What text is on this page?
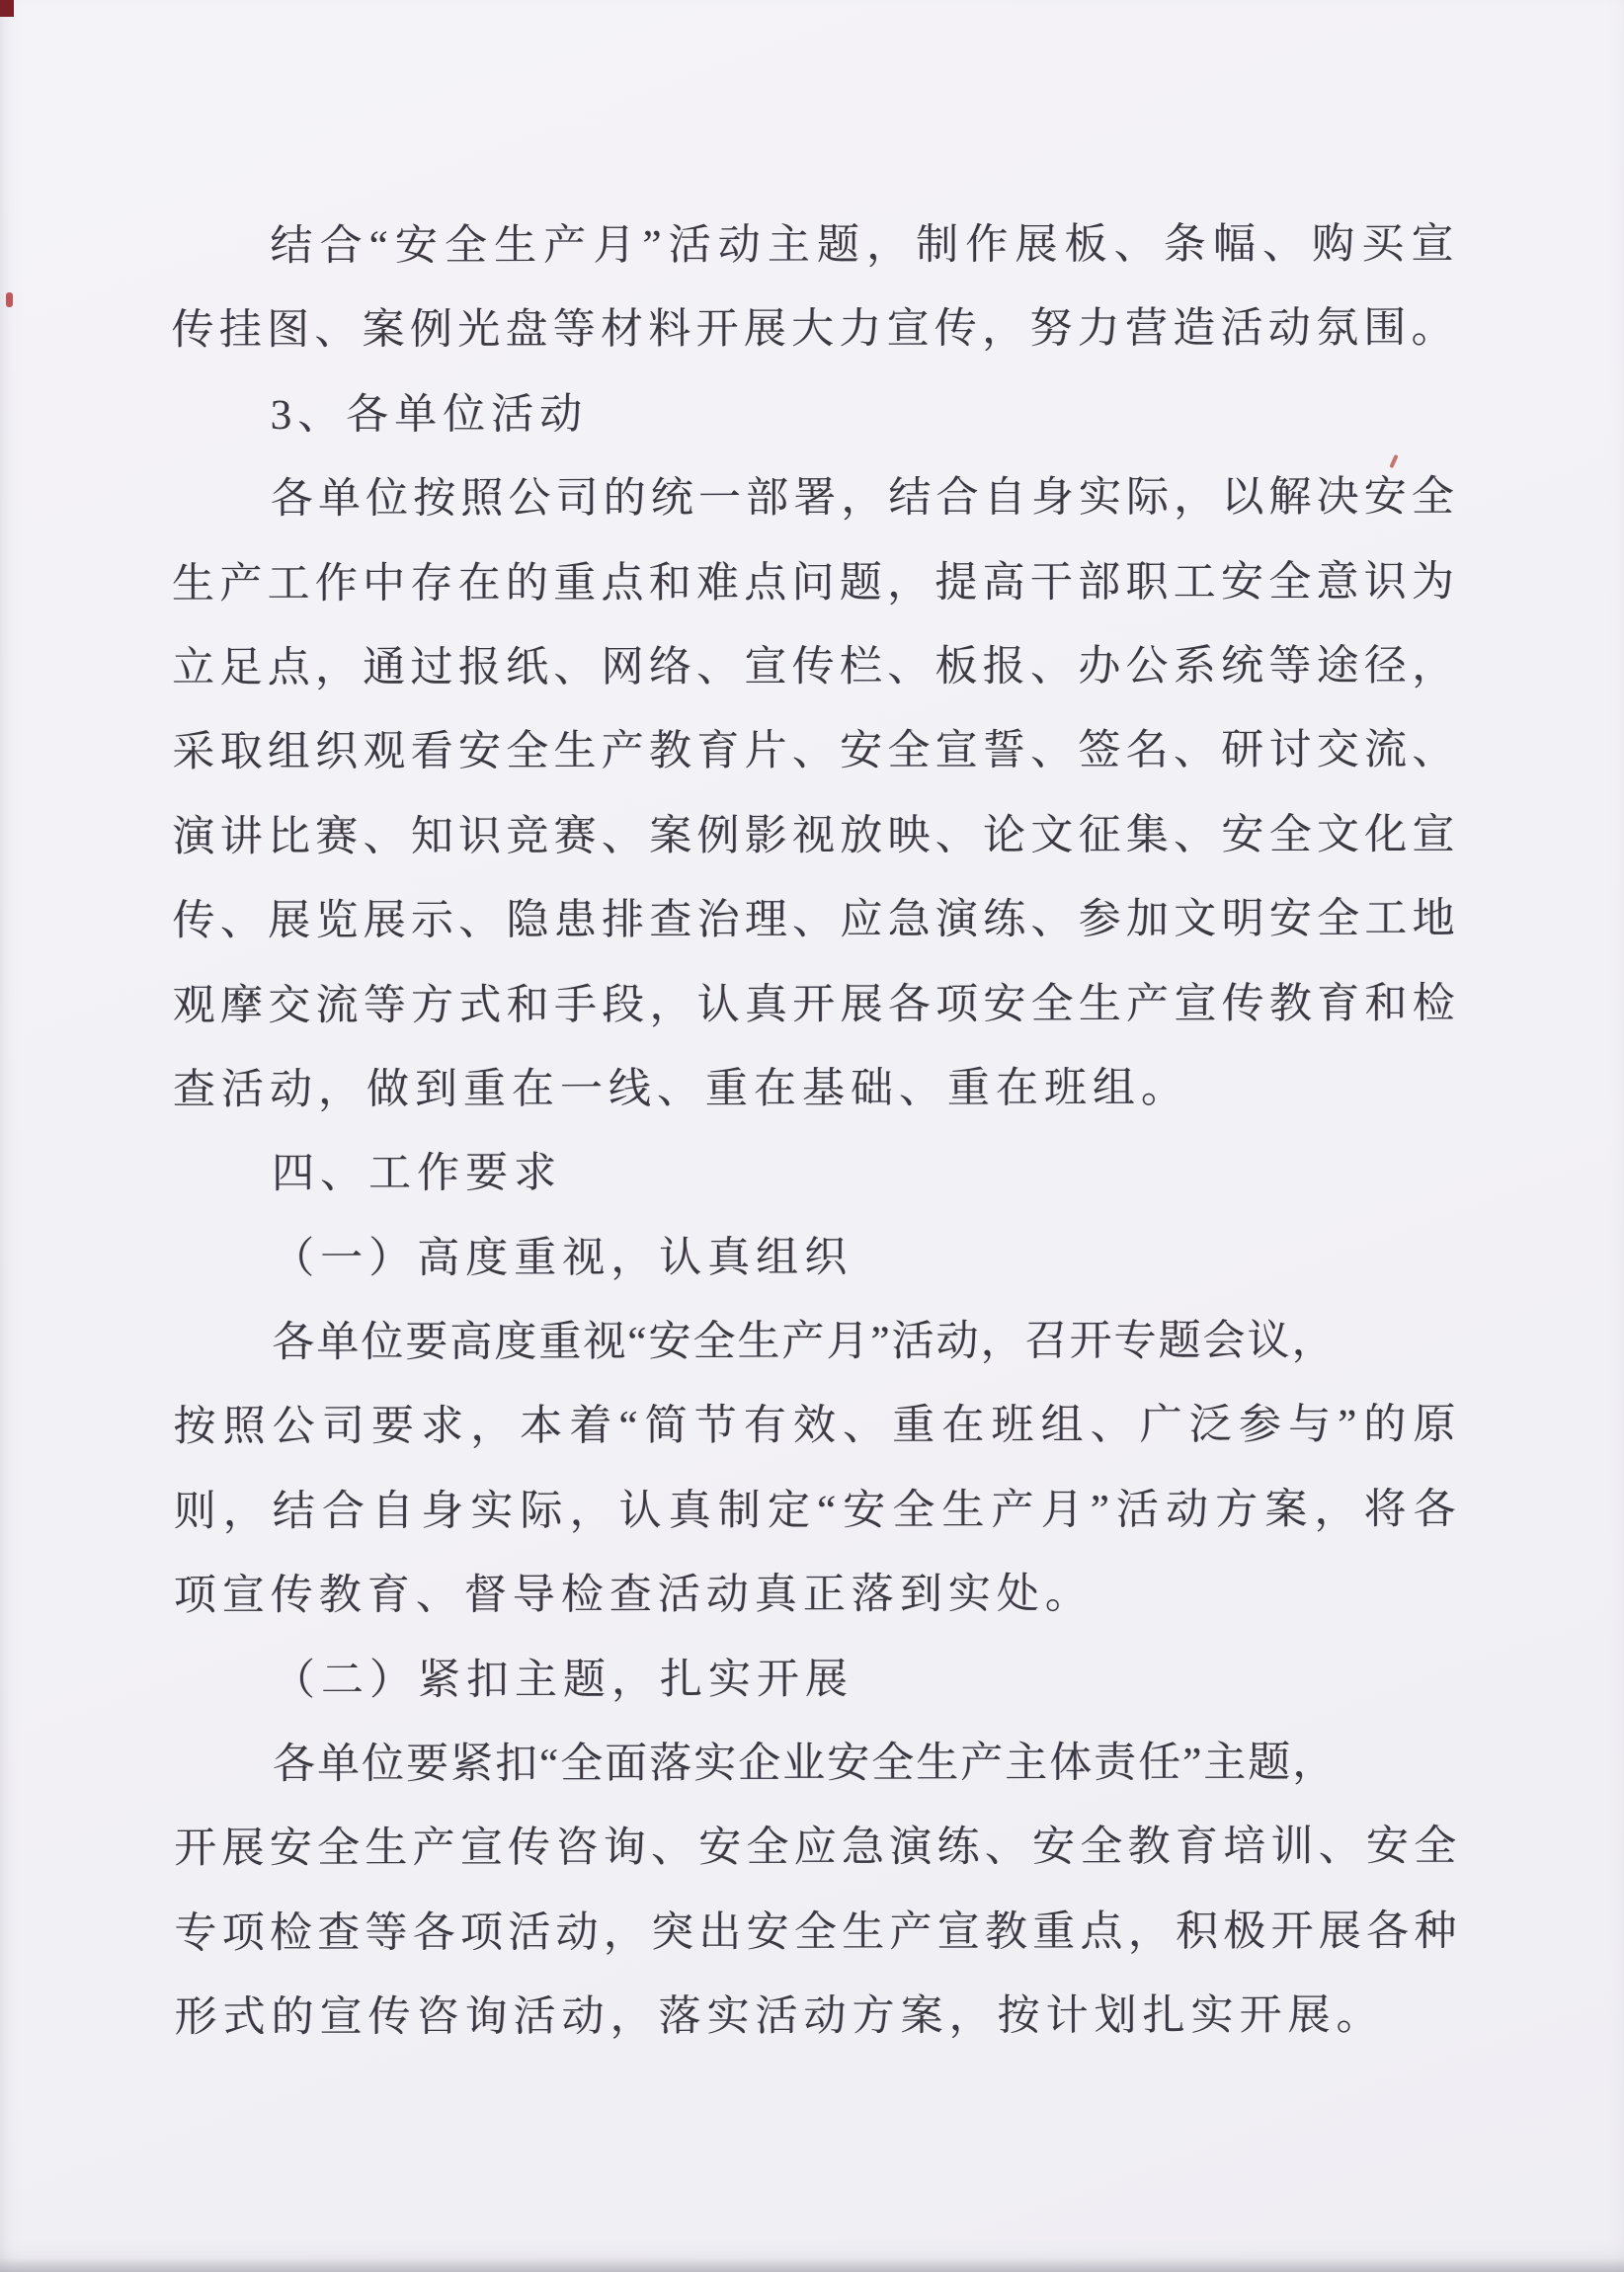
结合“安全生产月”活动主题，制作展板、条幅、购买宣
传挂图、案例光盘等材料开展大力宣传，努力营造活动氛围。
3、各单位活动
各单位按照公司的统一部署，结合自身实际，以解决安全
生产工作中存在的重点和难点问题，提高干部职工安全意识为
立足点，通过报纸、网络、宣传栏、板报、办公系统等途径，
采取组织观看安全生产教育片、安全宣誓、签名、研讨交流、
演讲比赛、知识竞赛、案例影视放映、论文征集、安全文化宣
传、展览展示、隐患排查治理、应急演练、参加文明安全工地
观摩交流等方式和手段，认真开展各项安全生产宣传教育和检
查活动，做到重在一线、重在基础、重在班组。
四、工作要求
（一）高度重视，认真组织
各单位要高度重视“安全生产月”活动，召开专题会议，
按照公司要求，本着“简节有效、重在班组、广泛参与”的原
则，结合自身实际，认真制定“安全生产月”活动方案，将各
项宣传教育、督导检查活动真正落到实处。
（二）紧扣主题，扎实开展
各单位要紧扣“全面落实企业安全生产主体责任”主题，
开展安全生产宣传咨询、安全应急演练、安全教育培训、安全
专项检查等各项活动，突出安全生产宣教重点，积极开展各种
形式的宣传咨询活动，落实活动方案，按计划扎实开展。
